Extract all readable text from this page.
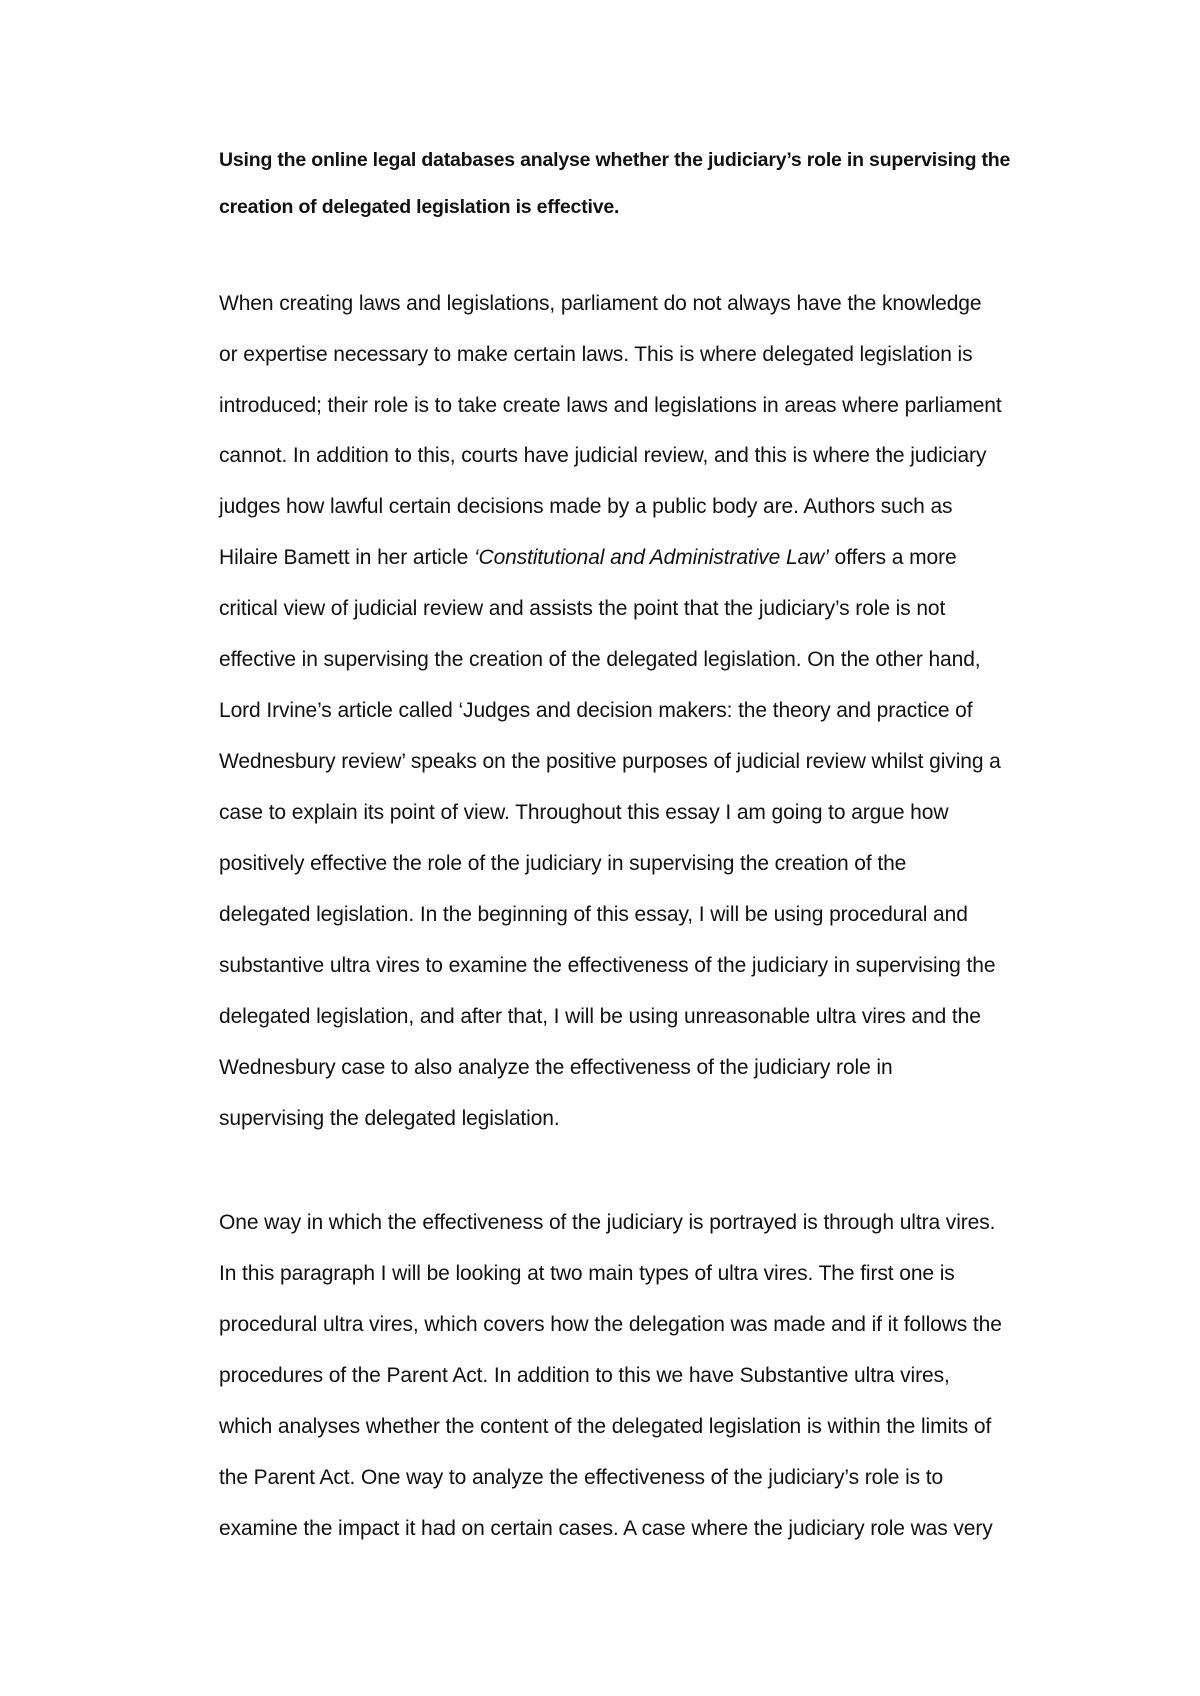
Using the online legal databases analyse whether the judiciary’s role in supervising the
creation of delegated legislation is effective.
When creating laws and legislations, parliament do not always have the knowledge
or expertise necessary to make certain laws. This is where delegated legislation is
introduced; their role is to take create laws and legislations in areas where parliament
cannot. In addition to this, courts have judicial review, and this is where the judiciary
judges how lawful certain decisions made by a public body are. Authors such as
Hilaire Bamett in her article ‘Constitutional and Administrative Law’ offers a more
critical view of judicial review and assists the point that the judiciary’s role is not
effective in supervising the creation of the delegated legislation. On the other hand,
Lord Irvine’s article called ‘Judges and decision makers: the theory and practice of
Wednesbury review’ speaks on the positive purposes of judicial review whilst giving a
case to explain its point of view. Throughout this essay I am going to argue how
positively effective the role of the judiciary in supervising the creation of the
delegated legislation. In the beginning of this essay, I will be using procedural and
substantive ultra vires to examine the effectiveness of the judiciary in supervising the
delegated legislation, and after that, I will be using unreasonable ultra vires and the
Wednesbury case to also analyze the effectiveness of the judiciary role in
supervising the delegated legislation.
One way in which the effectiveness of the judiciary is portrayed is through ultra vires.
In this paragraph I will be looking at two main types of ultra vires. The first one is
procedural ultra vires, which covers how the delegation was made and if it follows the
procedures of the Parent Act. In addition to this we have Substantive ultra vires,
which analyses whether the content of the delegated legislation is within the limits of
the Parent Act. One way to analyze the effectiveness of the judiciary’s role is to
examine the impact it had on certain cases. A case where the judiciary role was very
